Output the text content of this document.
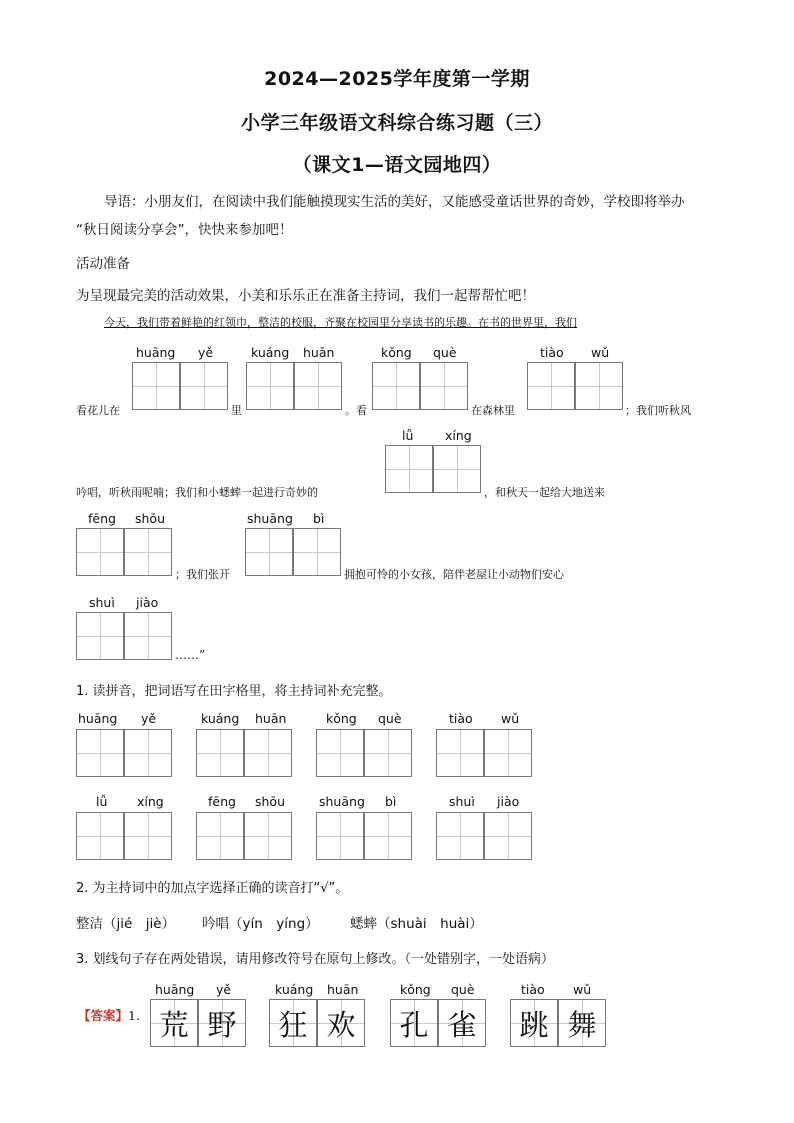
2024—2025学年度第一学期
小学三年级语文科综合练习题（三）
（课文1—语文园地四）
导语：小朋友们，在阅读中我们能触摸现实生活的美好，又能感受童话世界的奇妙，学校即将举办
“秋日阅读分享会”，快快来参加吧！
活动准备
为呈现最完美的活动效果，小美和乐乐正在准备主持词，我们一起帮帮忙吧！
今天，我们带着鲜艳的红领巾，整洁的校服，齐聚在校园里分享读书的乐趣。在书的世界里，我们
huāng yě	kuáng huān	kǒng què	tiào wǔ
看花儿在	里	。看	在森林里	；我们听秋风
lǚ	xíng
吟唱，听秋雨呢喃；我们和小蟋蟀一起进行奇妙的	，和秋天一起给大地送来
fēng shōu	shuāng bì
；我们张开	拥抱可怜的小女孩，陪伴老屋让小动物们安心
shuì jiào
……”
1. 读拼音，把词语写在田字格里，将主持词补充完整。
huāng yě	kuáng huān	kǒng què	tiào wǔ
lǚ xíng	fēng shōu	shuāng bì	shuì jiào
2. 为主持词中的加点字选择正确的读音打“√”。
整洁（jié　jiè） 吟唱（yín　yíng） 蟋蟀（shuài　huài）
3. 划线句子存在两处错误，请用修改符号在原句上修改。（一处错别字，一处语病）
huāng yě	kuáng huān	kǒng què	tiào wǔ
【答案】1. 荒 野	狂 欢	孔 雀	跳 舞
